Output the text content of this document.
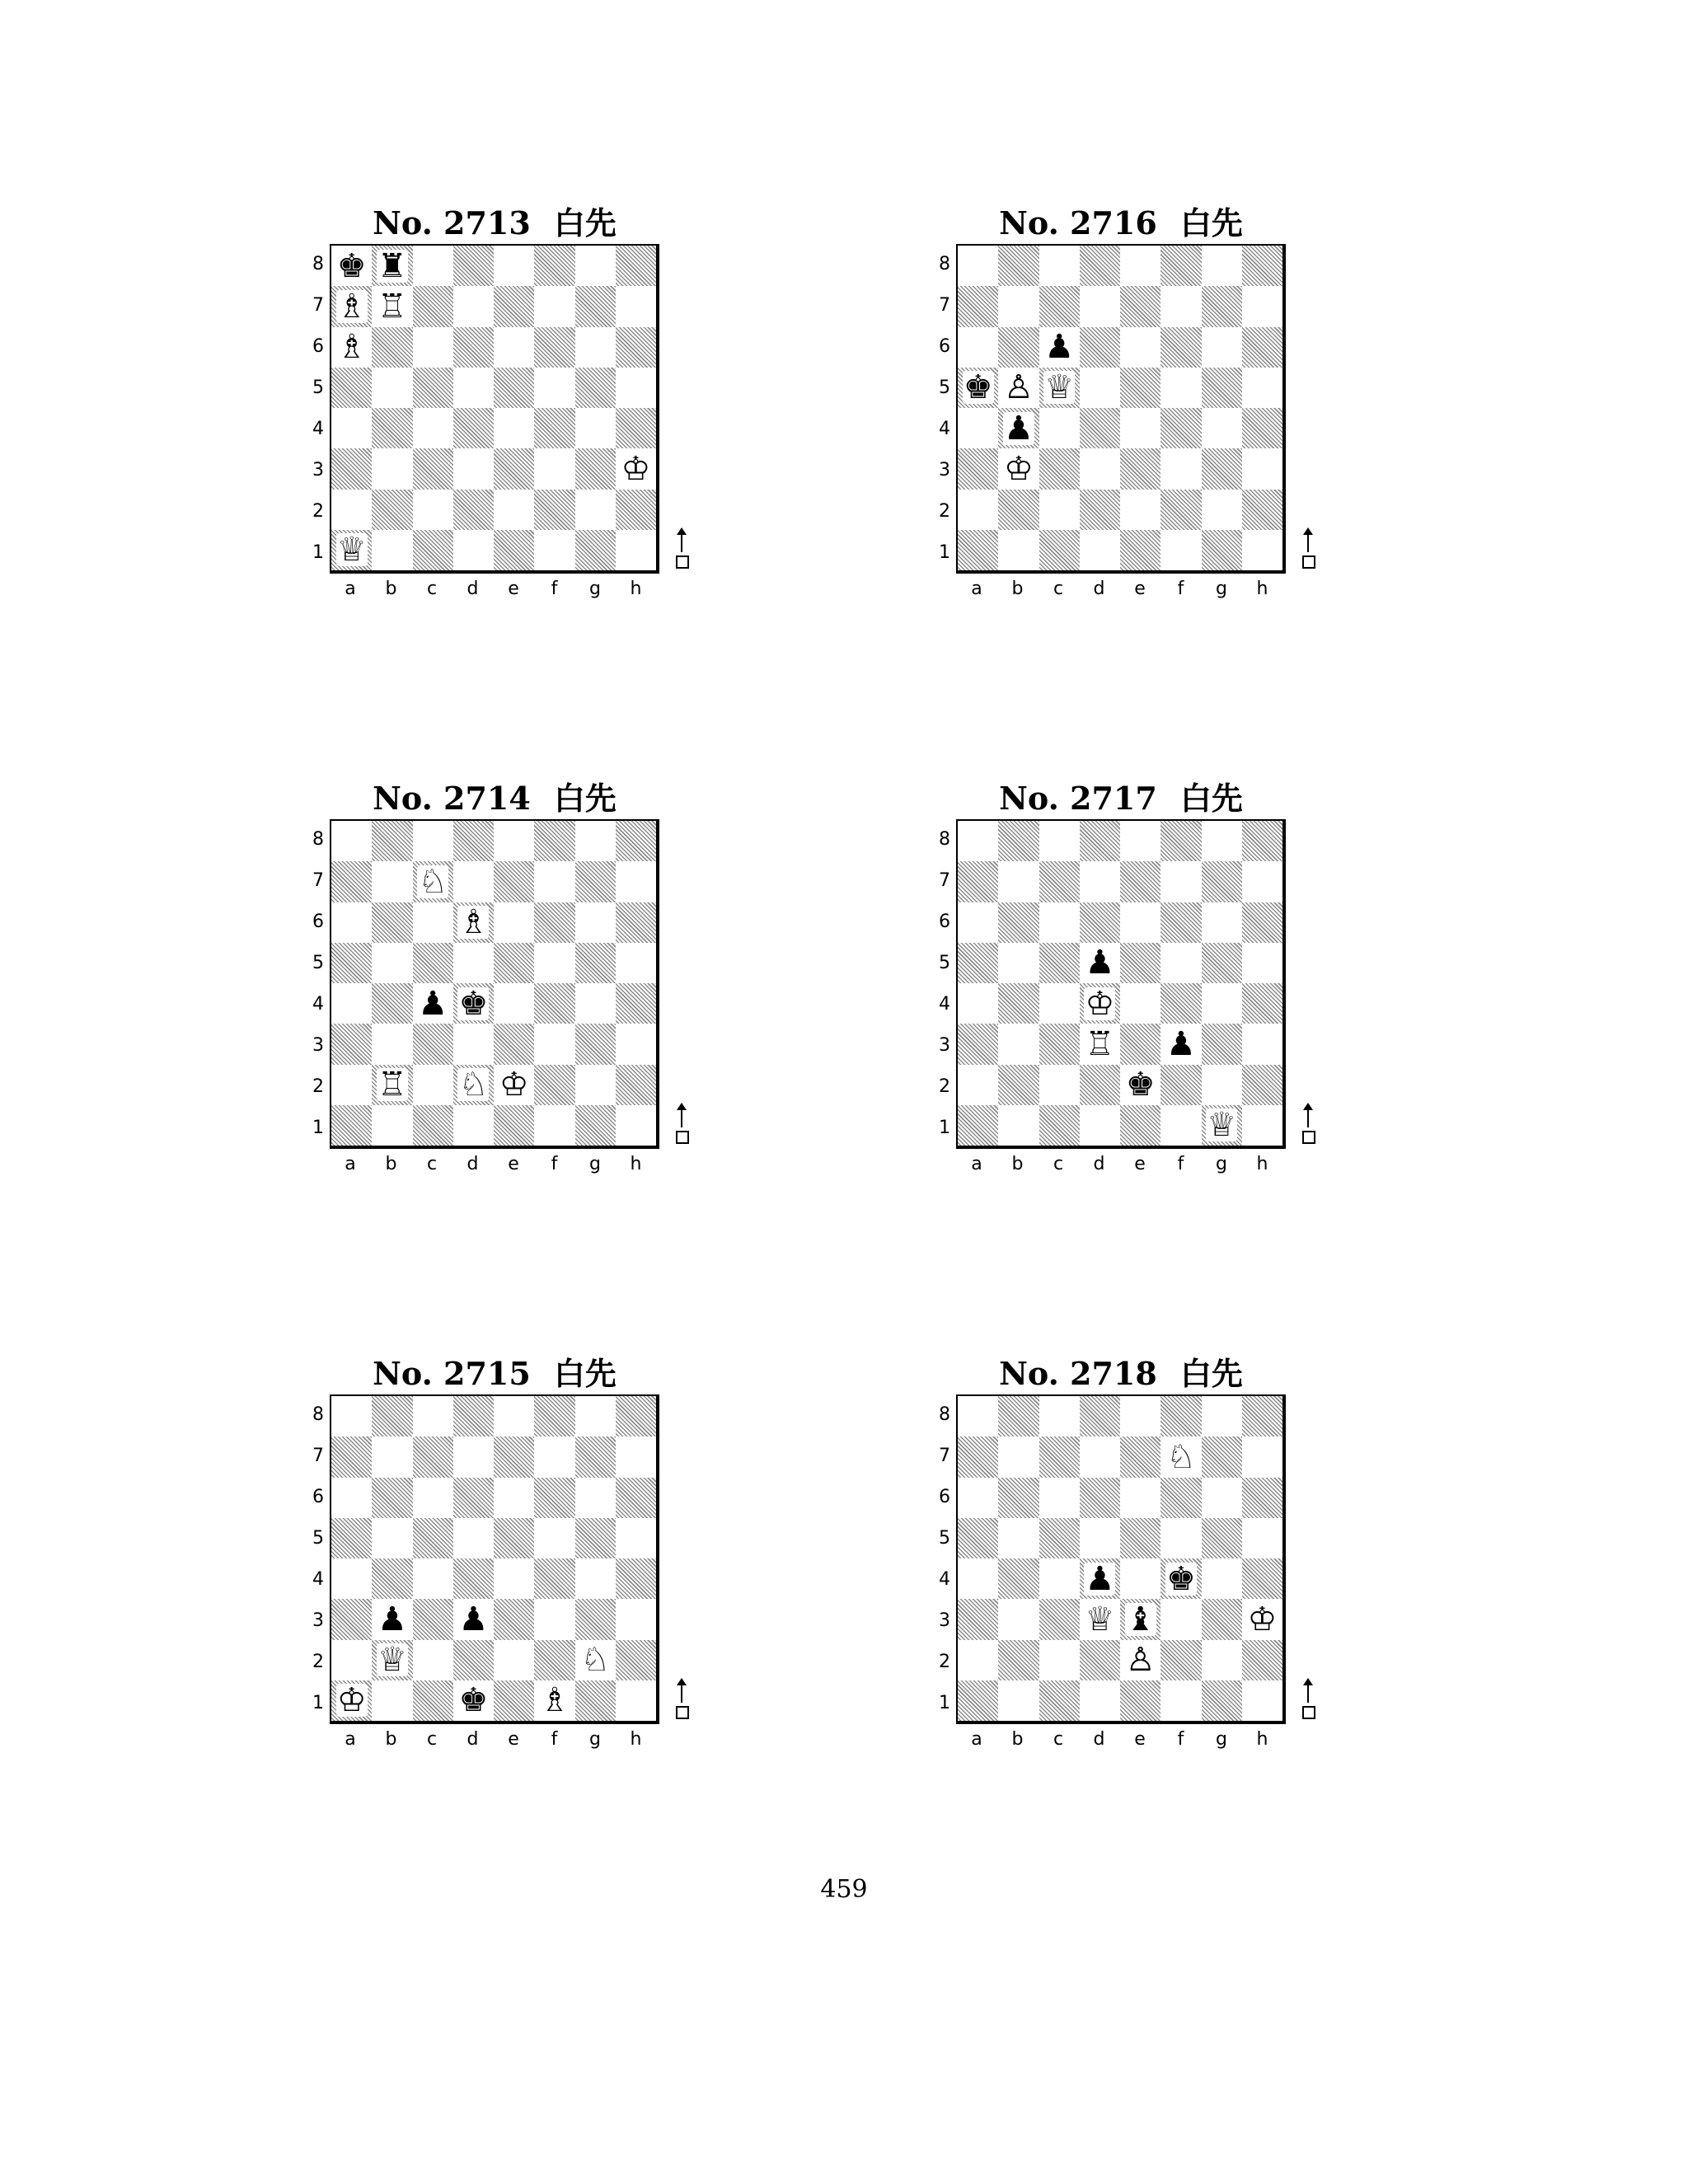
No. 2713 白先
♚ ♜
♗ ♖
♗
♔
♕
8
7
6
5
4
3
2
1
a	b	c	d	e	f	g	h
No. 2714 白先
♘
♗
♟ ♚
♖ ♘ ♔
8
7
6
5
4
3
2
1
a	b	c	d	e	f	g	h
No. 2715 白先
♟ ♟
♕	♘
♔	♚ ♗
8
7
6
5
4
3
2
1
a	b	c	d	e	f	g	h
No. 2716 白先
♟
♚ ♙ ♕
♟
♔
8
7
6
5
4
3
2
1
a	b	c	d	e	f	g	h
No. 2717 白先
♟
♔
♖ ♟
♚
♕
8
7
6
5
4
3
2
1
a	b	c	d	e	f	g	h
No. 2718 白先
♘
♟ ♚
♕ ♝	♔
♙
8
7
6
5
4
3
2
1
a	b	c	d	e	f	g	h
459
